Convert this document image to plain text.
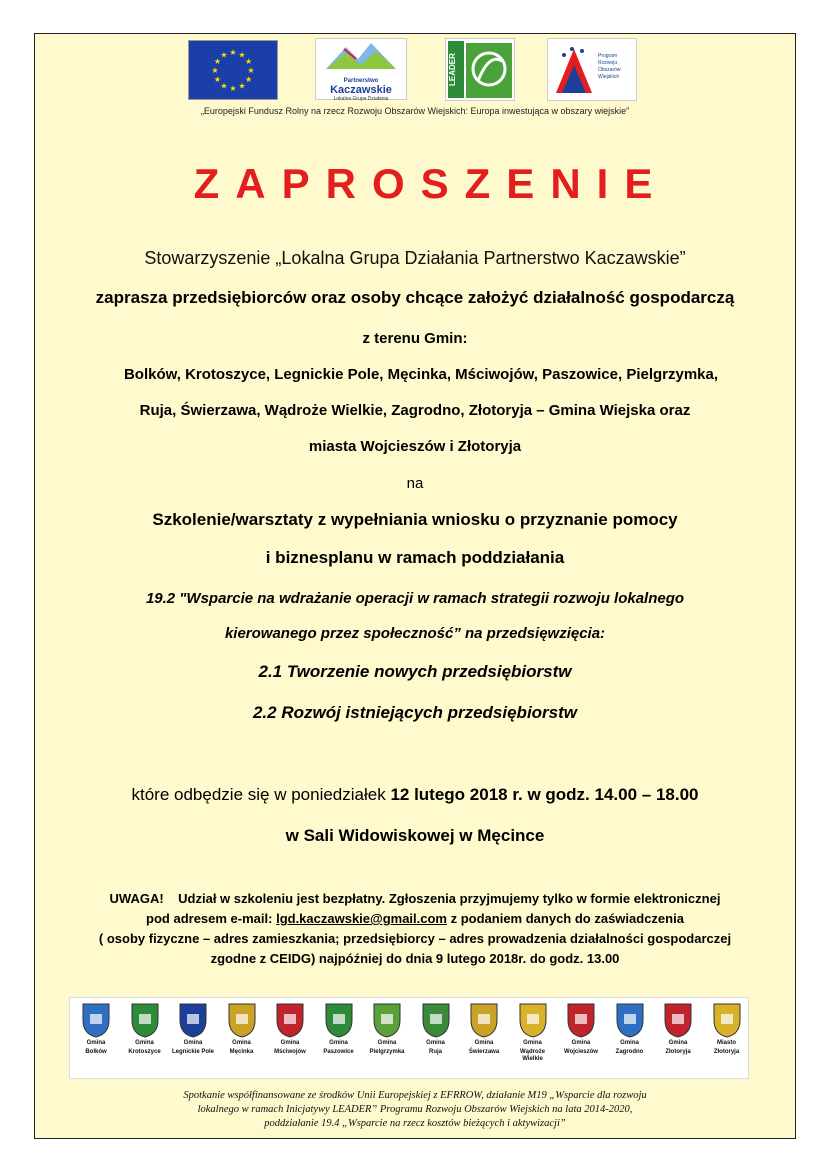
★
★
★
★
★
★
★
★
★ ★ ★
★
Partnerstwo
Kaczawskie
Lokalna Grupa Działania
LEADER	Program Rozwoju Obszarów Wiejskich
„Europejski Fundusz Rolny na rzecz Rozwoju Obszarów Wiejskich: Europa inwestująca w obszary wiejskie”
ZAPROSZENIE
Stowarzyszenie „Lokalna Grupa Działania Partnerstwo Kaczawskie”
zaprasza przedsiębiorców oraz osoby chcące założyć działalność gospodarczą
z terenu Gmin:
Bolków, Krotoszyce, Legnickie Pole, Męcinka, Mściwojów, Paszowice, Pielgrzymka,
Ruja, Świerzawa, Wądroże Wielkie, Zagrodno, Złotoryja – Gmina Wiejska oraz
miasta Wojcieszów i Złotoryja
na
Szkolenie/warsztaty z wypełniania wniosku o przyznanie pomocy
i biznesplanu w ramach poddziałania
19.2 "Wsparcie na wdrażanie operacji w ramach strategii rozwoju lokalnego
kierowanego przez społeczność” na przedsięwzięcia:
2.1 Tworzenie nowych przedsiębiorstw
2.2 Rozwój istniejących przedsiębiorstw
które odbędzie się w poniedziałek 12 lutego 2018 r. w godz. 14.00 – 18.00
w Sali Widowiskowej w Męcince
UWAGA!    Udział w szkoleniu jest bezpłatny. Zgłoszenia przyjmujemy tylko w formie elektronicznej
pod adresem e-mail: lgd.kaczawskie@gmail.com z podaniem danych do zaświadczenia
( osoby fizyczne – adres zamieszkania; przedsiębiorcy – adres prowadzenia działalności gospodarczej
zgodne z CEIDG) najpóźniej do dnia 9 lutego 2018r. do godz. 13.00
Gmina
Bolków
Gmina
Krotoszyce
Gmina
Legnickie Pole
Gmina
Męcinka
Gmina
Mściwojów
Gmina
Paszowice
Gmina
Pielgrzymka
Gmina
Ruja
Gmina
Świerzawa
Gmina
Wądroże Wielkie
Gmina
Wojcieszów
Gmina
Zagrodno
Gmina
Złotoryja
Miasto
Złotoryja
Spotkanie współfinansowane ze środków Unii Europejskiej z EFRROW, działanie M19 „Wsparcie dla rozwoju
lokalnego w ramach Inicjatywy LEADER” Programu Rozwoju Obszarów Wiejskich na lata 2014-2020,
poddziałanie 19.4 „Wsparcie na rzecz kosztów bieżących i aktywizacji”
